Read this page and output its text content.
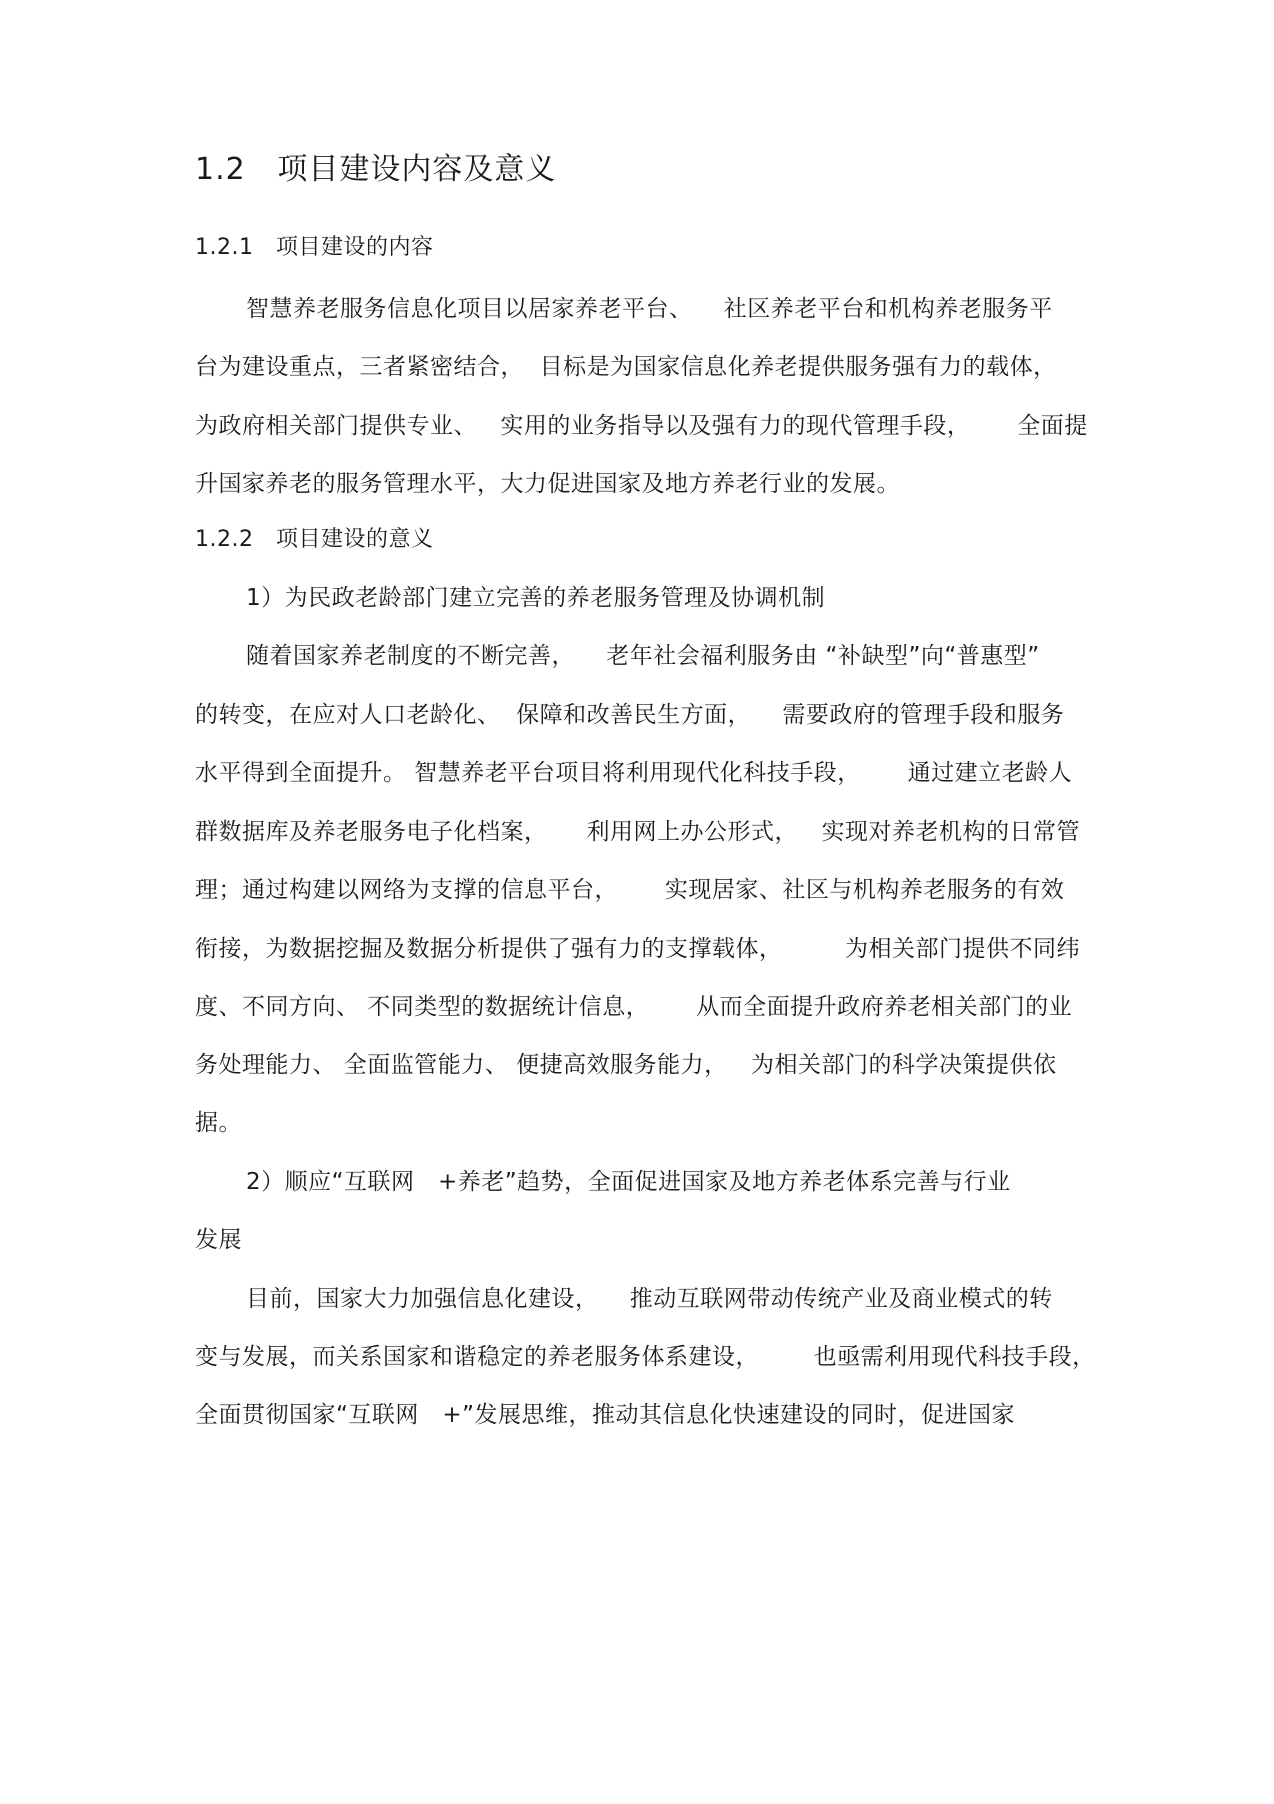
1.2   项目建设内容及意义
1.2.1   项目建设的内容
智慧养老服务信息化项目以居家养老平台、    社区养老平台和机构养老服务平
台为建设重点，三者紧密结合，  目标是为国家信息化养老提供服务强有力的载体，
为政府相关部门提供专业、   实用的业务指导以及强有力的现代管理手段，      全面提
升国家养老的服务管理水平，大力促进国家及地方养老行业的发展。
1.2.2   项目建设的意义
1）为民政老龄部门建立完善的养老服务管理及协调机制
随着国家养老制度的不断完善，    老年社会福利服务由 “补缺型”向“普惠型”
的转变，在应对人口老龄化、  保障和改善民生方面，    需要政府的管理手段和服务
水平得到全面提升。 智慧养老平台项目将利用现代化科技手段，      通过建立老龄人
群数据库及养老服务电子化档案，     利用网上办公形式，   实现对养老机构的日常管
理；通过构建以网络为支撑的信息平台，      实现居家、社区与机构养老服务的有效
衔接，为数据挖掘及数据分析提供了强有力的支撑载体，        为相关部门提供不同纬
度、不同方向、 不同类型的数据统计信息，      从而全面提升政府养老相关部门的业
务处理能力、 全面监管能力、 便捷高效服务能力，   为相关部门的科学决策提供依
据。
2）顺应“互联网   +养老”趋势，全面促进国家及地方养老体系完善与行业
发展
目前，国家大力加强信息化建设，    推动互联网带动传统产业及商业模式的转
变与发展，而关系国家和谐稳定的养老服务体系建设，       也亟需利用现代科技手段，
全面贯彻国家“互联网   +”发展思维，推动其信息化快速建设的同时，促进国家
